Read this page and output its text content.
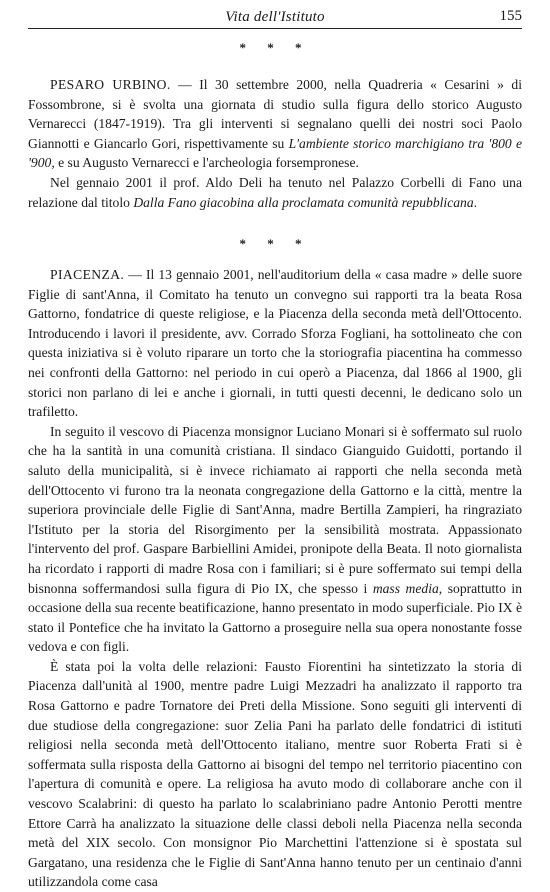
Vita dell'Istituto	155
* * *

PESARO URBINO. — Il 30 settembre 2000, nella Quadreria « Cesarini » di Fossombrone, si è svolta una giornata di studio sulla figura dello storico Augusto Vernarecci (1847-1919). Tra gli interventi si segnalano quelli dei nostri soci Paolo Giannotti e Giancarlo Gori, rispettivamente su L'ambiente storico marchigiano tra '800 e '900, e su Augusto Vernarecci e l'archeologia forsempronese.

Nel gennaio 2001 il prof. Aldo Deli ha tenuto nel Palazzo Corbelli di Fano una relazione dal titolo Dalla Fano giacobina alla proclamata comunità repubblicana.

* * *

PIACENZA. — Il 13 gennaio 2001, nell'auditorium della « casa madre » delle suore Figlie di sant'Anna, il Comitato ha tenuto un convegno sui rapporti tra la beata Rosa Gattorno, fondatrice di queste religiose, e la Piacenza della seconda metà dell'Ottocento. Introducendo i lavori il presidente, avv. Corrado Sforza Fogliani, ha sottolineato che con questa iniziativa si è voluto riparare un torto che la storiografia piacentina ha commesso nei confronti della Gattorno: nel periodo in cui operò a Piacenza, dal 1866 al 1900, gli storici non parlano di lei e anche i giornali, in tutti questi decenni, le dedicano solo un trafiletto.

In seguito il vescovo di Piacenza monsignor Luciano Monari si è soffermato sul ruolo che ha la santità in una comunità cristiana. Il sindaco Gianguido Guidotti, portando il saluto della municipalità, si è invece richiamato ai rapporti che nella seconda metà dell'Ottocento vi furono tra la neonata congregazione della Gattorno e la città, mentre la superiora provinciale delle Figlie di Sant'Anna, madre Bertilla Zampieri, ha ringraziato l'Istituto per la storia del Risorgimento per la sensibilità mostrata. Appassionato l'intervento del prof. Gaspare Barbiellini Amidei, pronipote della Beata. Il noto giornalista ha ricordato i rapporti di madre Rosa con i familiari; si è pure soffermato sui tempi della bisnonna soffermandosi sulla figura di Pio IX, che spesso i mass media, soprattutto in occasione della sua recente beatificazione, hanno presentato in modo superficiale. Pio IX è stato il Pontefice che ha invitato la Gattorno a proseguire nella sua opera nonostante fosse vedova e con figli.

È stata poi la volta delle relazioni: Fausto Fiorentini ha sintetizzato la storia di Piacenza dall'unità al 1900, mentre padre Luigi Mezzadri ha analizzato il rapporto tra Rosa Gattorno e padre Tornatore dei Preti della Missione. Sono seguiti gli interventi di due studiose della congregazione: suor Zelia Pani ha parlato delle fondatrici di istituti religiosi nella seconda metà dell'Ottocento italiano, mentre suor Roberta Frati si è soffermata sulla risposta della Gattorno ai bisogni del tempo nel territorio piacentino con l'apertura di comunità e opere. La religiosa ha avuto modo di collaborare anche con il vescovo Scalabrini: di questo ha parlato lo scalabriniano padre Antonio Perotti mentre Ettore Carrà ha analizzato la situazione delle classi deboli nella Piacenza nella seconda metà del XIX secolo. Con monsignor Pio Marchettini l'attenzione si è spostata sul Gargatano, una residenza che le Figlie di Sant'Anna hanno tenuto per un centinaio d'anni utilizzandola come casa
